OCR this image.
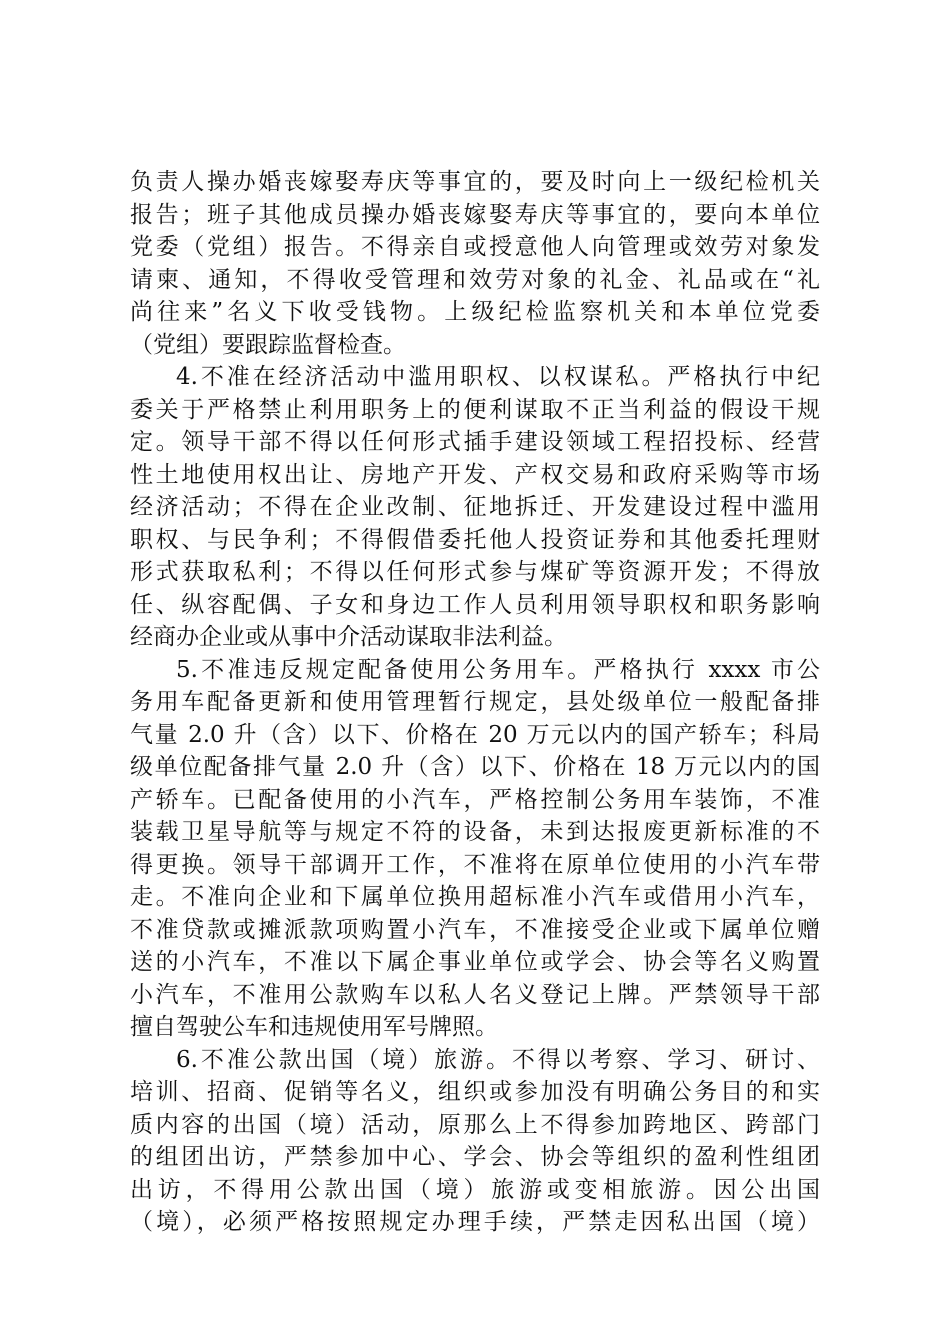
负责人操办婚丧嫁娶寿庆等事宜的，要及时向上一级纪检机关
报告；班子其他成员操办婚丧嫁娶寿庆等事宜的，要向本单位
党委（党组）报告。不得亲自或授意他人向管理或效劳对象发
请柬、通知，不得收受管理和效劳对象的礼金、礼品或在“礼
尚往来”名义下收受钱物。上级纪检监察机关和本单位党委
（党组）要跟踪监督检查。
4.不准在经济活动中滥用职权、以权谋私。严格执行中纪
委关于严格禁止利用职务上的便利谋取不正当利益的假设干规
定。领导干部不得以任何形式插手建设领域工程招投标、经营
性土地使用权出让、房地产开发、产权交易和政府采购等市场
经济活动；不得在企业改制、征地拆迁、开发建设过程中滥用
职权、与民争利；不得假借委托他人投资证券和其他委托理财
形式获取私利；不得以任何形式参与煤矿等资源开发；不得放
任、纵容配偶、子女和身边工作人员利用领导职权和职务影响
经商办企业或从事中介活动谋取非法利益。
5.不准违反规定配备使用公务用车。严格执行 xxxx 市公
务用车配备更新和使用管理暂行规定，县处级单位一般配备排
气量 2.0 升（含）以下、价格在 20 万元以内的国产轿车；科局
级单位配备排气量 2.0 升（含）以下、价格在 18 万元以内的国
产轿车。已配备使用的小汽车，严格控制公务用车装饰，不准
装载卫星导航等与规定不符的设备，未到达报废更新标准的不
得更换。领导干部调开工作，不准将在原单位使用的小汽车带
走。不准向企业和下属单位换用超标准小汽车或借用小汽车，
不准贷款或摊派款项购置小汽车，不准接受企业或下属单位赠
送的小汽车，不准以下属企事业单位或学会、协会等名义购置
小汽车，不准用公款购车以私人名义登记上牌。严禁领导干部
擅自驾驶公车和违规使用军号牌照。
6.不准公款出国（境）旅游。不得以考察、学习、研讨、
培训、招商、促销等名义，组织或参加没有明确公务目的和实
质内容的出国（境）活动，原那么上不得参加跨地区、跨部门
的组团出访，严禁参加中心、学会、协会等组织的盈利性组团
出访，不得用公款出国（境）旅游或变相旅游。因公出国
（境），必须严格按照规定办理手续，严禁走因私出国（境）
